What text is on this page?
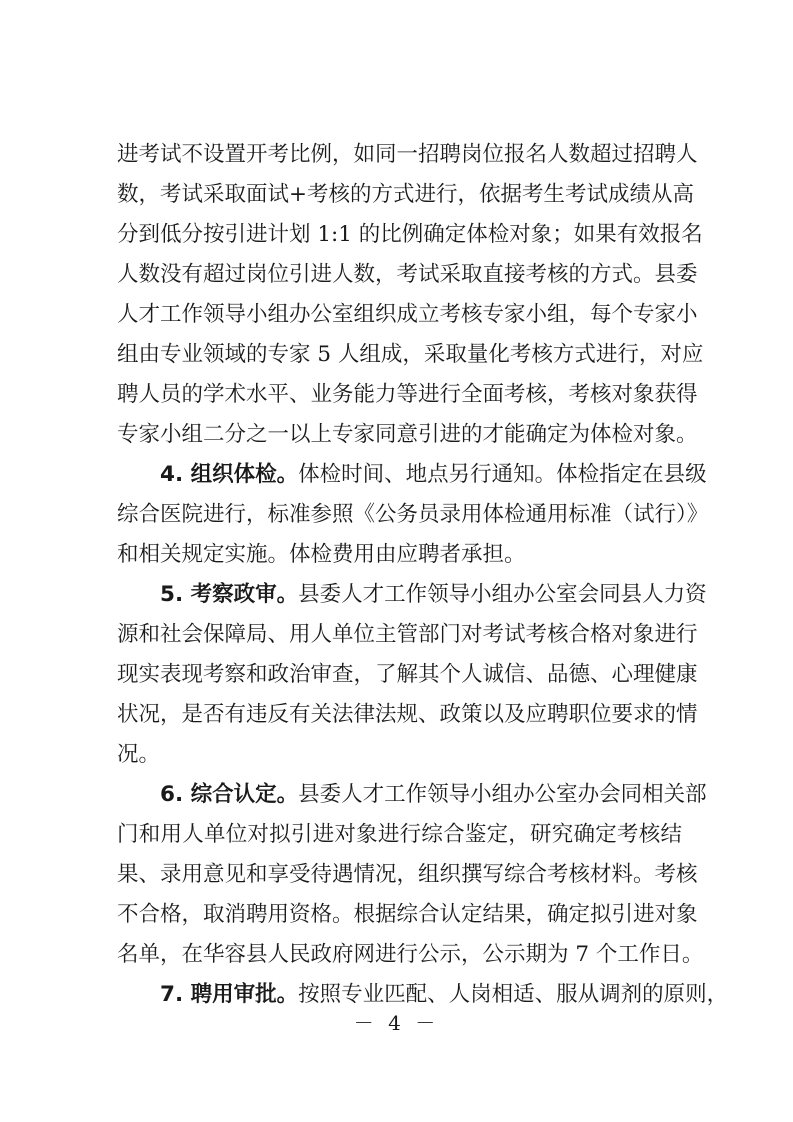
进考试不设置开考比例，如同一招聘岗位报名人数超过招聘人
数，考试采取面试+考核的方式进行，依据考生考试成绩从高
分到低分按引进计划 1:1 的比例确定体检对象；如果有效报名
人数没有超过岗位引进人数，考试采取直接考核的方式。县委
人才工作领导小组办公室组织成立考核专家小组，每个专家小
组由专业领域的专家 5 人组成，采取量化考核方式进行，对应
聘人员的学术水平、业务能力等进行全面考核，考核对象获得
专家小组二分之一以上专家同意引进的才能确定为体检对象。
4. 组织体检。体检时间、地点另行通知。体检指定在县级
综合医院进行，标准参照《公务员录用体检通用标准（试行）》
和相关规定实施。体检费用由应聘者承担。
5. 考察政审。县委人才工作领导小组办公室会同县人力资
源和社会保障局、用人单位主管部门对考试考核合格对象进行
现实表现考察和政治审查，了解其个人诚信、品德、心理健康
状况，是否有违反有关法律法规、政策以及应聘职位要求的情
况。
6. 综合认定。县委人才工作领导小组办公室办会同相关部
门和用人单位对拟引进对象进行综合鉴定，研究确定考核结
果、录用意见和享受待遇情况，组织撰写综合考核材料。考核
不合格，取消聘用资格。根据综合认定结果，确定拟引进对象
名单，在华容县人民政府网进行公示，公示期为 7 个工作日。
7. 聘用审批。按照专业匹配、人岗相适、服从调剂的原则，
－ 4 －
